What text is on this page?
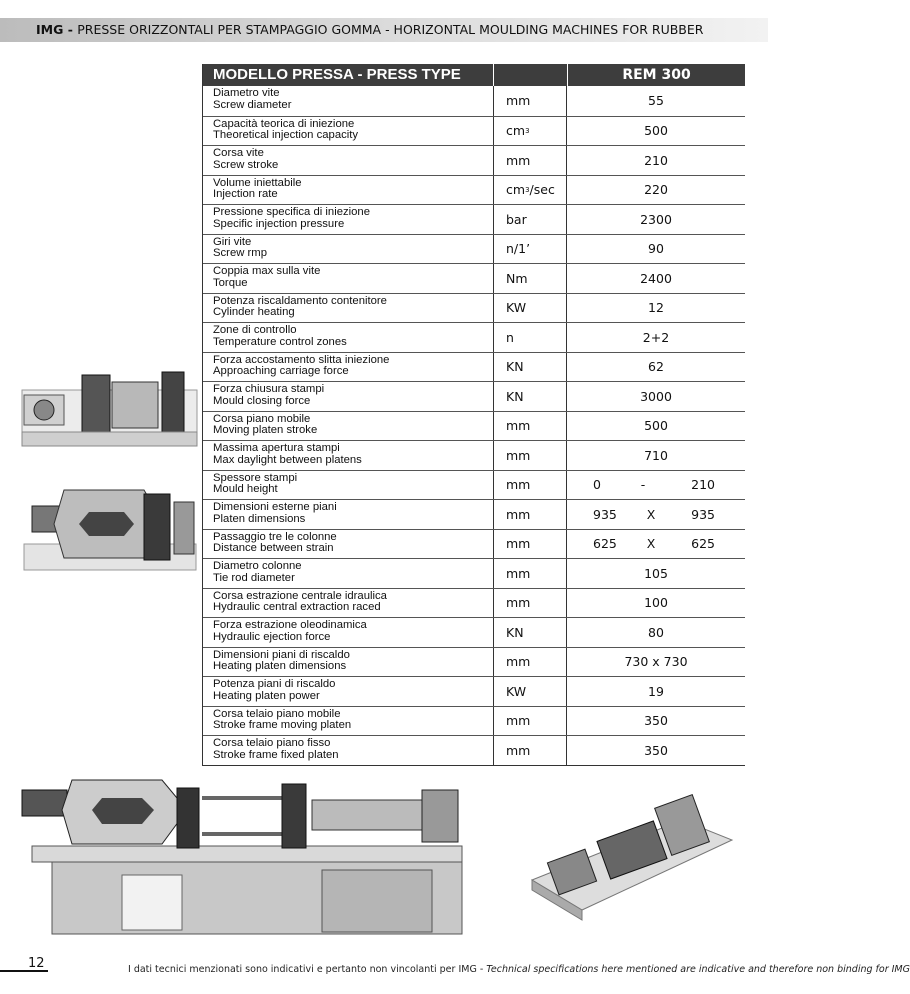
IMG - PRESSE ORIZZONTALI PER STAMPAGGIO GOMMA - HORIZONTAL MOULDING MACHINES FOR RUBBER
MODELLO PRESSA - PRESS TYPE	REM 300
Diametro vite
Screw diameter	mm	55
Capacità teorica di iniezione
Theoretical injection capacity	cm 3	500
Corsa vite
Screw stroke	mm	210
Volume iniettabile
Injection rate	cm 3 /sec	220
Pressione specifica di iniezione
Specific injection pressure	bar	2300
Giri vite
Screw rmp	n/1’	90
Coppia max sulla vite
Torque	Nm	2400
Potenza riscaldamento contenitore
Cylinder heating	KW	12
Zone di controllo
Temperature control zones	n	2+2
Forza accostamento slitta iniezione
Approaching carriage force	KN	62
Forza chiusura stampi
Mould closing force	KN	3000
Corsa piano mobile
Moving platen stroke	mm	500
Massima apertura stampi
Max daylight between platens	mm	710
Spessore stampi
Mould height	mm	0	-	210
Dimensioni esterne piani
Platen dimensions	mm	935 X	935
Passaggio tre le colonne
Distance between strain	mm	625 X	625
Diametro colonne
Tie rod diameter	mm	105
Corsa estrazione centrale idraulica
Hydraulic central extraction raced	mm	100
Forza estrazione oleodinamica
Hydraulic ejection force	KN	80
Dimensioni piani di riscaldo
Heating platen dimensions	mm	730 x 730
Potenza piani di riscaldo
Heating platen power	KW	19
Corsa telaio piano mobile
Stroke frame moving platen	mm	350
Corsa telaio piano fisso
Stroke frame fixed platen	mm	350
12	I dati tecnici menzionati sono indicativi e pertanto non vincolanti per IMG - Technical specifications here mentioned are indicative and therefore non binding for IMG
